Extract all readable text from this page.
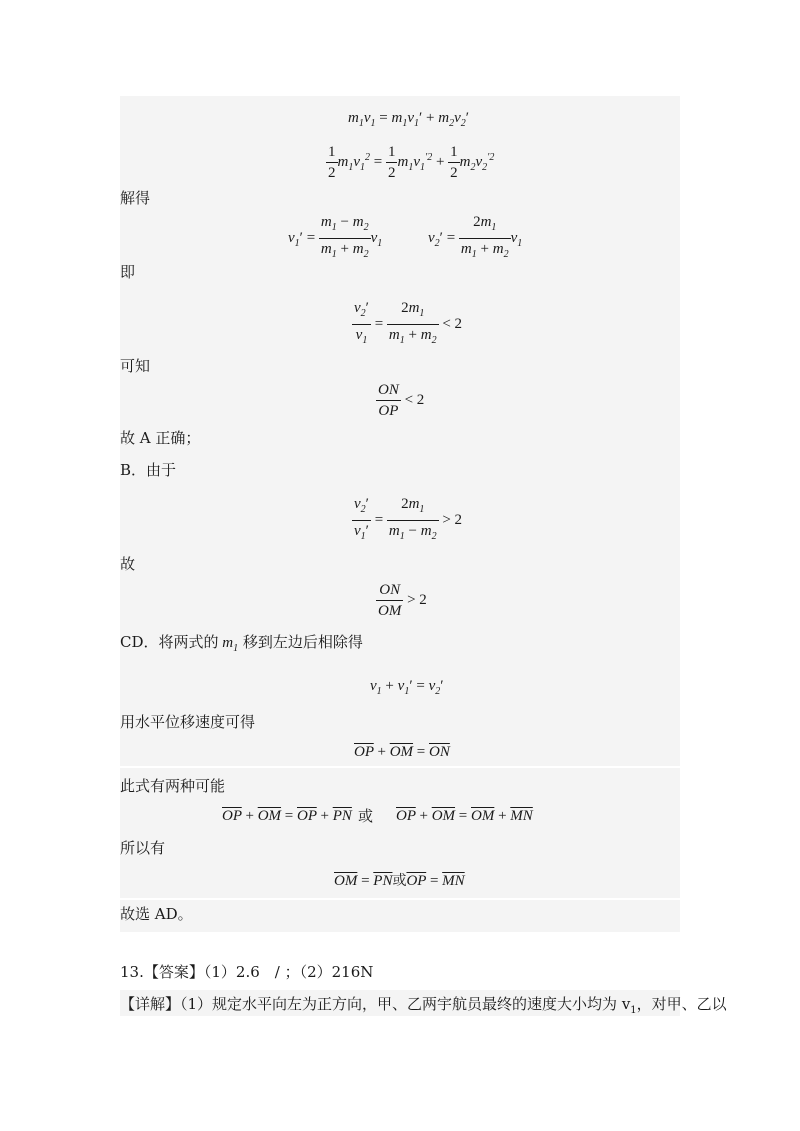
$m_1v_1 = m_1v_1' + m_2v_2'$
$\frac{1}{2} m_1v_1^2 = \frac{1}{2} m_1v_1^{'2} + \frac{1}{2} m_2v_2^{'2}$
解得
$v_1' = \frac{m_1 - m_2}{m_1 + m_2} v_1$	$v_2' = \frac{2m_1}{m_1 + m_2} v_1$
即
$\frac{v_2'}{v_1} = \frac{2m_1}{m_1 + m_2} < 2$
可知
$\frac{ON}{OP} < 2$
故 A 正确；
B．由于
$\frac{v_2'}{v_1'} = \frac{2m_1}{m_1 - m_2} > 2$
故
$\frac{ON}{OM} > 2$
CD．将两式的 $m_1$ 移到左边后相除得
$v_1 + v_1' = v_2'$
用水平位移速度可得
$\overline{OP} + \overline{OM} = \overline{ON}$
此式有两种可能
$\overline{OP} + \overline{OM} = \overline{OP} + \overline{PN}$ 或 $\overline{OP} + \overline{OM} = \overline{OM} + \overline{MN}$
所以有
$\overline{OM} = \overline{PN}$或$\overline{OP} = \overline{MN}$
故选 AD。
13.【答案】（1）2.6　/ ；（2）216N
【详解】（1）规定水平向左为正方向，甲、乙两宇航员最终的速度大小均为 $v_1$，对甲、乙以
